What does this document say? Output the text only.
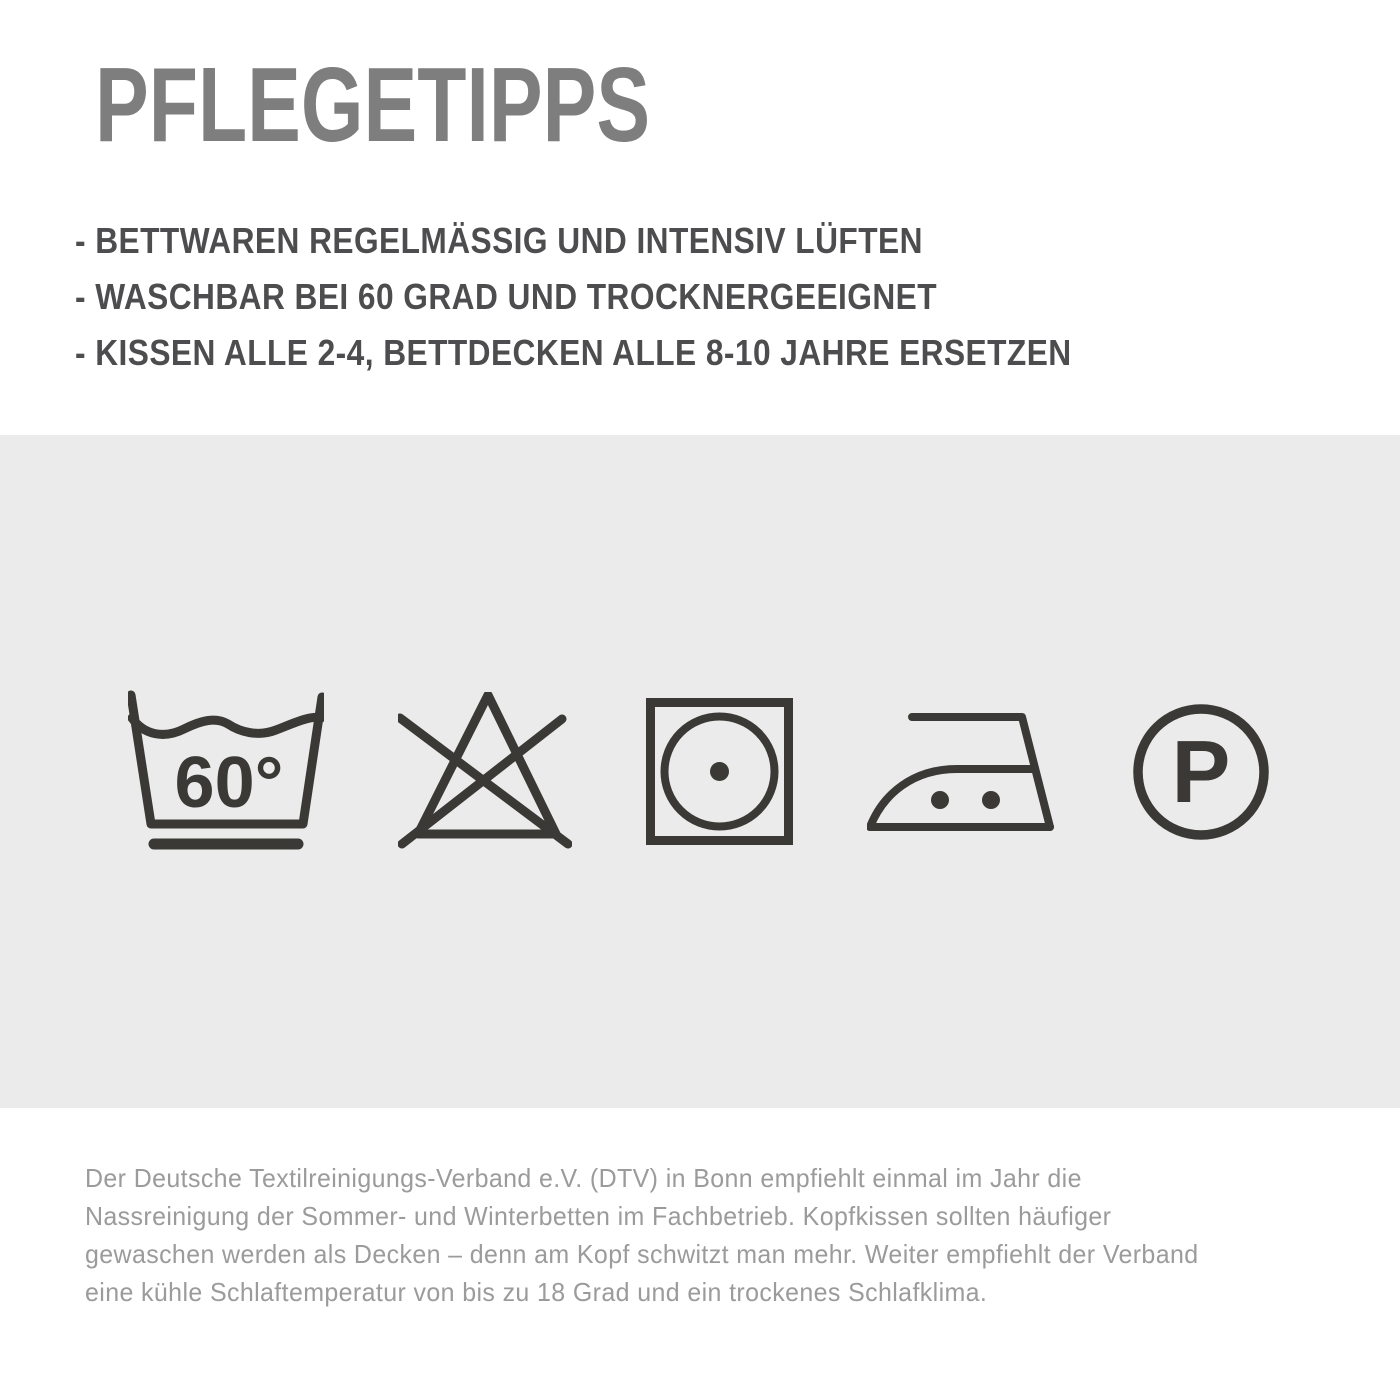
PFLEGETIPPS
- BETTWAREN REGELMÄSSIG UND INTENSIV LÜFTEN
- WASCHBAR BEI 60 GRAD UND TROCKNERGEEIGNET
- KISSEN ALLE 2-4, BETTDECKEN ALLE 8-10 JAHRE ERSETZEN
60°	P
Der Deutsche Textilreinigungs-Verband e.V. (DTV) in Bonn empfiehlt einmal im Jahr die
Nassreinigung der Sommer- und Winterbetten im Fachbetrieb. Kopfkissen sollten häufiger
gewaschen werden als Decken – denn am Kopf schwitzt man mehr. Weiter empfiehlt der Verband
eine kühle Schlaftemperatur von bis zu 18 Grad und ein trockenes Schlafklima.
